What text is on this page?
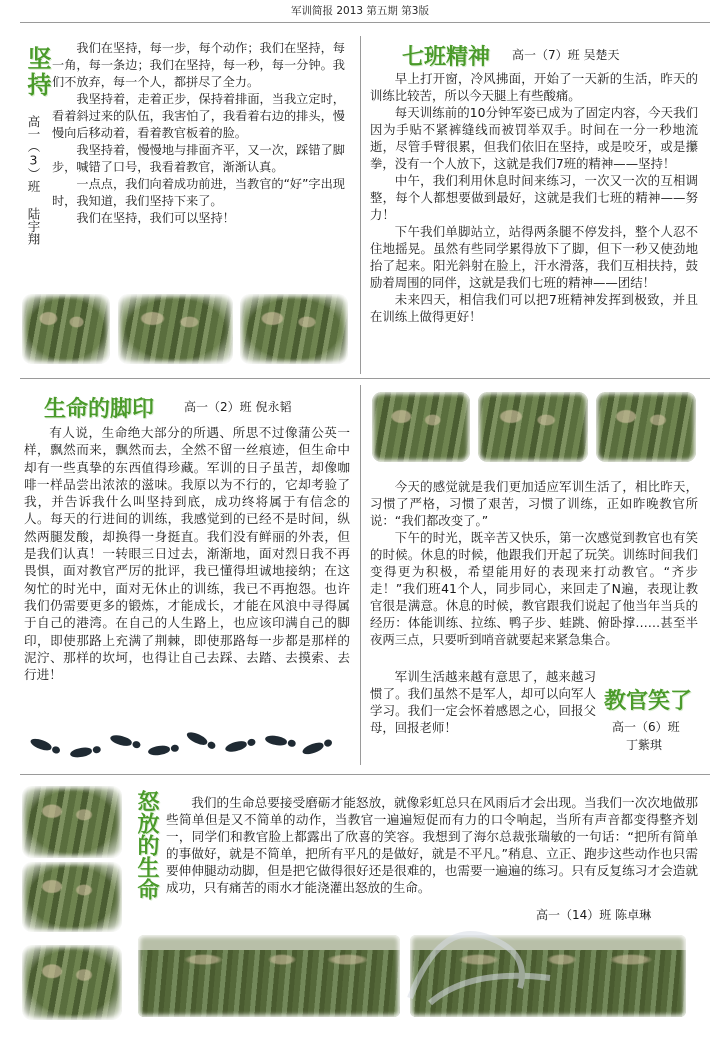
军训简报 2013 第五期 第3版
坚持
高一（3）班 陆宇翔

我们在坚持，每一步，每个动作；我们在坚持，每一角，每一条边；我们在坚持，每一秒，每一分钟。我们不放弃，每一个人，都拼尽了全力。

我坚持着，走着正步，保持着排面，当我立定时，看着斜过来的队伍，我害怕了，我看着右边的排头，慢慢向后移动着，看着教官板着的脸。

我坚持着，慢慢地与排面齐平，又一次，踩错了脚步，喊错了口号，我看着教官，渐渐认真。

一点点，我们向着成功前进，当教官的“好”字出现时，我知道，我们坚持下来了。

我们在坚持，我们可以坚持！

七班精神 高一（7）班 吴楚天

早上打开窗，冷风拂面，开始了一天新的生活，昨天的训练比较苦，所以今天腿上有些酸痛。

每天训练前的10分钟军姿已成为了固定内容，今天我们因为手贴不紧裤缝线而被罚举双手。时间在一分一秒地流逝，尽管手臂很累，但我们依旧在坚持，或是咬牙，或是攥拳，没有一个人放下，这就是我们7班的精神——坚持！

中午，我们利用休息时间来练习，一次又一次的互相调整，每个人都想要做到最好，这就是我们七班的精神——努力！

下午我们单脚站立，站得两条腿不停发抖，整个人忍不住地摇晃。虽然有些同学累得放下了脚，但下一秒又使劲地抬了起来。阳光斜射在脸上，汗水滑落，我们互相扶持，鼓励着周围的同伴，这就是我们七班的精神——团结！

未来四天，相信我们可以把7班精神发挥到极致，并且在训练上做得更好！

生命的脚印 高一（2）班 倪永韬

有人说，生命绝大部分的所遇、所思不过像蒲公英一样，飘然而来，飘然而去，全然不留一丝痕迹，但生命中却有一些真挚的东西值得珍藏。军训的日子虽苦，却像咖啡一样品尝出浓浓的滋味。我原以为不行的，它却考验了我，并告诉我什么叫坚持到底，成功终将属于有信念的人。每天的行进间的训练，我感觉到的已经不是时间，纵然两腿发酸，却换得一身挺直。我们没有鲜丽的外表，但是我们认真！一转眼三日过去，渐渐地，面对烈日我不再畏惧，面对教官严厉的批评，我已懂得坦诚地接纳；在这匆忙的时光中，面对无休止的训练，我已不再抱怨。也许我们仍需要更多的锻炼，才能成长，才能在风浪中寻得属于自己的港湾。在自己的人生路上，也应该印满自己的脚印，即使那路上充满了荆棘，即使那路每一步都是那样的泥泞、那样的坎坷，也得让自己去踩、去踏、去摸索、去行进！

今天的感觉就是我们更加适应军训生活了，相比昨天，习惯了严格，习惯了艰苦，习惯了训练，正如昨晚教官所说：“我们都改变了。”

下午的时光，既辛苦又快乐，第一次感觉到教官也有笑的时候。休息的时候，他跟我们开起了玩笑。训练时间我们变得更为积极，希望能用好的表现来打动教官。“齐步走！”我们班41个人，同步同心，来回走了N遍，表现让教官很是满意。休息的时候，教官跟我们说起了他当年当兵的经历：体能训练、拉练、鸭子步、蛙跳、俯卧撑……甚至半夜两三点，只要听到哨音就要起来紧急集合。

军训生活越来越有意思了，越来越习惯了。我们虽然不是军人，却可以向军人学习。我们一定会怀着感恩之心，回报父母，回报老师！

教官笑了
高一（6）班
丁紫琪
怒放的生命	我们的生命总要接受磨砺才能怒放，就像彩虹总只在风雨后才会出现。当我们一次次地做那些简单但是又不简单的动作，当教官一遍遍短促而有力的口令响起，当所有声音都变得整齐划一，同学们和教官脸上都露出了欣喜的笑容。我想到了海尔总裁张瑞敏的一句话：“把所有简单的事做好，就是不简单，把所有平凡的是做好，就是不平凡。”稍息、立正、跑步这些动作也只需要伸伸腿动动脚，但是把它做得很好还是很难的，也需要一遍遍的练习。只有反复练习才会造就成功，只有痛苦的雨水才能浇灌出怒放的生命。

高一（14）班 陈卓琳
